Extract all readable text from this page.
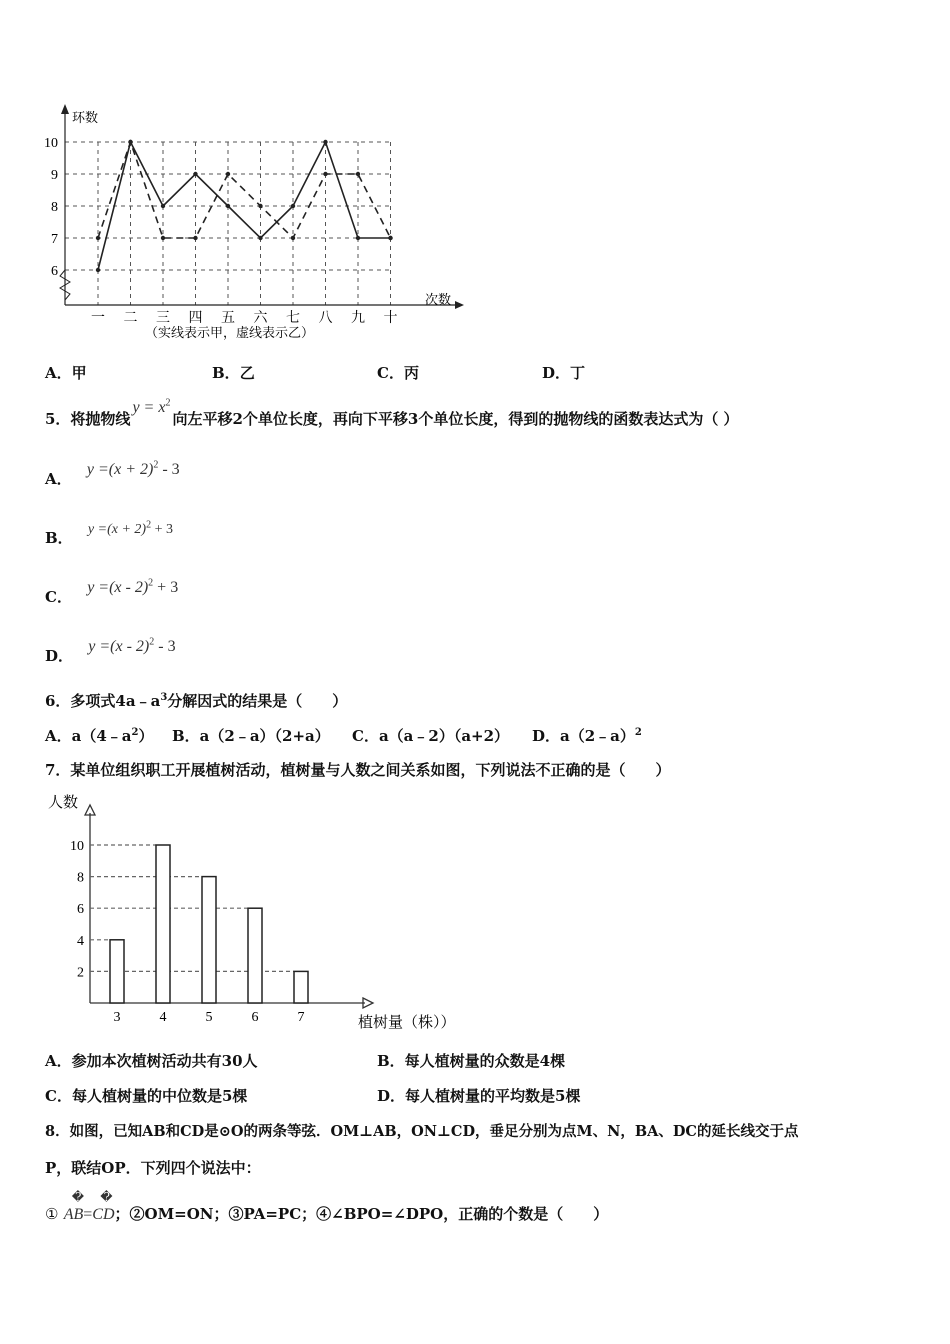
一 二 三 四 五 六 七 八 九 十
6
7
8
9
10
环数
次数
（实线表示甲，虚线表示乙）
A．甲	B．乙	C．丙	D．丁
5．将抛物线$y = x^2$向左平移2个单位长度，再向下平移3个单位长度，得到的抛物线的函数表达式为（ ）
A． $y =(x + 2)^2 - 3$
B． $y =(x + 2)^2 + 3$
C． y =(x - 2)$^2$ + 3
D． y =(x - 2)$^2$ - 3
6．多项式$4a﹣a^3$分解因式的结果是（　　）
A．$a(4﹣a^2)$ B．a（2﹣a）（2+a） C．a（a﹣2）（a+2） D．a（2﹣a）$^2$
7．某单位组织职工开展植树活动，植树量与人数之间关系如图，下列说法不正确的是（　　）
3	4	5	6	7
2
4
6
8
10
人数
植树量（株））
A．参加本次植树活动共有30人	B．每人植树量的众数是4棵
C．每人植树量的中位数是5棵	D．每人植树量的平均数是5棵
8．如图，已知AB和CD是⊙O的两条等弦．OM⊥AB，ON⊥CD，垂足分别为点M、N，BA、DC的延长线交于点
P，联结OP．下列四个说法中：
①
�
AB=
�
CD；②OM=ON；③PA=PC；④∠BPO=∠DPO，正确的个数是（　　）
